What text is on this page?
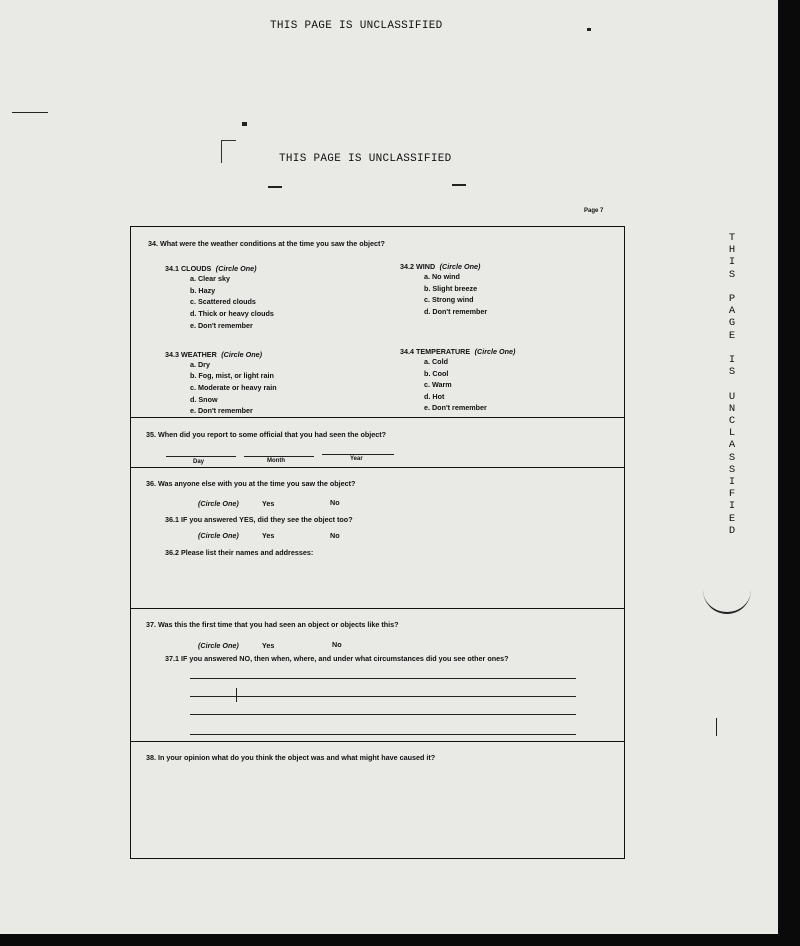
THIS PAGE IS UNCLASSIFIED
THIS PAGE IS UNCLASSIFIED
Page 7
T
H
I
S

P
A
G
E

I
S

U
N
C
L
A
S
S
I
F
I
E
D
34. What were the weather conditions at the time you saw the object?
34.1 CLOUDS (Circle One)
a. Clear sky
b. Hazy
c. Scattered clouds
d. Thick or heavy clouds
e. Don't remember
34.2 WIND (Circle One)
a. No wind
b. Slight breeze
c. Strong wind
d. Don't remember
34.3 WEATHER (Circle One)
a. Dry
b. Fog, mist, or light rain
c. Moderate or heavy rain
d. Snow
e. Don't remember
34.4 TEMPERATURE (Circle One)
a. Cold
b. Cool
c. Warm
d. Hot
e. Don't remember
35. When did you report to some official that you had seen the object?
Day	Month	Year
36. Was anyone else with you at the time you saw the object?
(Circle One)	Yes	No
36.1 IF you answered YES, did they see the object too?
(Circle One)	Yes	No
36.2 Please list their names and addresses:
37. Was this the first time that you had seen an object or objects like this?
(Circle One)	Yes	No
37.1 IF you answered NO, then when, where, and under what circumstances did you see other ones?
38. In your opinion what do you think the object was and what might have caused it?
